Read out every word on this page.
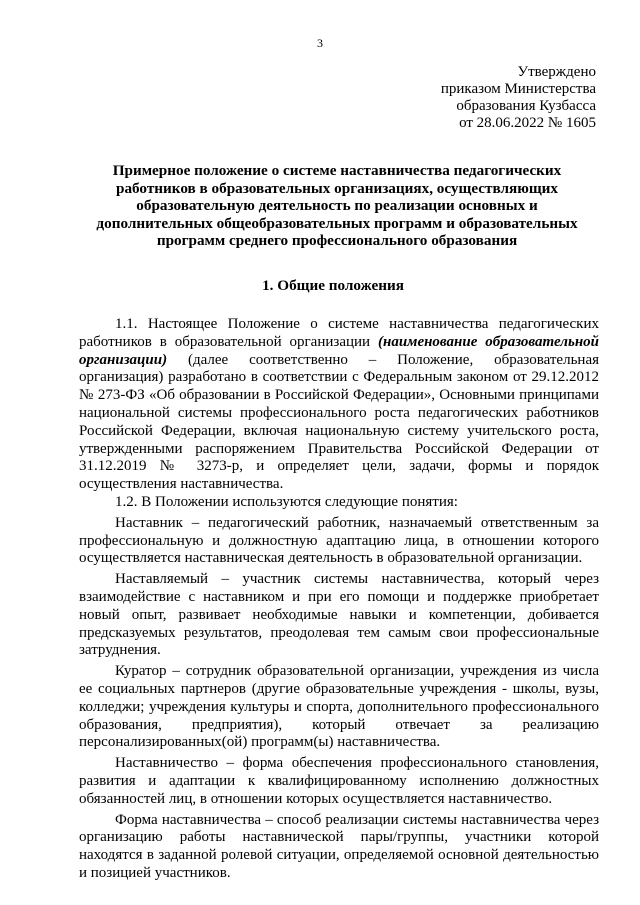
3
Утверждено
приказом Министерства
образования Кузбасса
от 28.06.2022 № 1605
Примерное положение о системе наставничества педагогических работников в образовательных организациях, осуществляющих образовательную деятельность по реализации основных и дополнительных общеобразовательных программ и образовательных программ среднего профессионального образования
1. Общие положения

1.1. Настоящее Положение о системе наставничества педагогических работников в образовательной организации (наименование образовательной организации) (далее соответственно – Положение, образовательная организация) разработано в соответствии с Федеральным законом от 29.12.2012 № 273-ФЗ «Об образовании в Российской Федерации», Основными принципами национальной системы профессионального роста педагогических работников Российской Федерации, включая национальную систему учительского роста, утвержденными распоряжением Правительства Российской Федерации от 31.12.2019 № 3273-р, и определяет цели, задачи, формы и порядок осуществления наставничества.

1.2. В Положении используются следующие понятия:

Наставник – педагогический работник, назначаемый ответственным за профессиональную и должностную адаптацию лица, в отношении которого осуществляется наставническая деятельность в образовательной организации.

Наставляемый – участник системы наставничества, который через взаимодействие с наставником и при его помощи и поддержке приобретает новый опыт, развивает необходимые навыки и компетенции, добивается предсказуемых результатов, преодолевая тем самым свои профессиональные затруднения.

Куратор – сотрудник образовательной организации, учреждения из числа ее социальных партнеров (другие образовательные учреждения - школы, вузы, колледжи; учреждения культуры и спорта, дополнительного профессионального образования, предприятия), который отвечает за реализацию персонализированных(ой) программ(ы) наставничества.

Наставничество – форма обеспечения профессионального становления, развития и адаптации к квалифицированному исполнению должностных обязанностей лиц, в отношении которых осуществляется наставничество.

Форма наставничества – способ реализации системы наставничества через организацию работы наставнической пары/группы, участники которой находятся в заданной ролевой ситуации, определяемой основной деятельностью и позицией участников.
